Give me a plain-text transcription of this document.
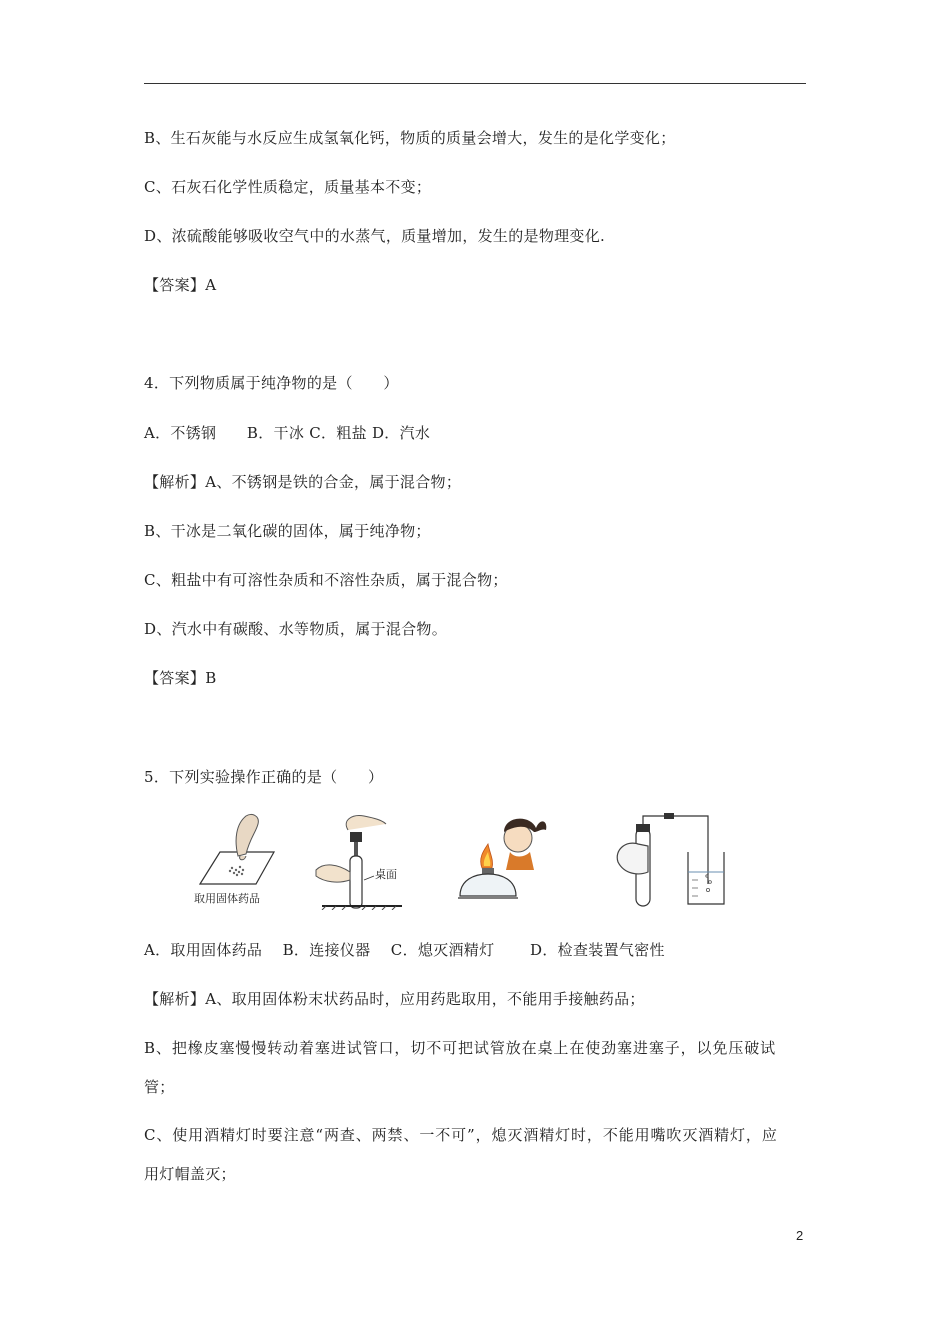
B、生石灰能与水反应生成氢氧化钙，物质的质量会增大，发生的是化学变化；
C、石灰石化学性质稳定，质量基本不变；
D、浓硫酸能够吸收空气中的水蒸气，质量增加，发生的是物理变化.
【答案】A
4．下列物质属于纯净物的是（　　）
A．不锈钢　　B．干冰 C．粗盐 D．汽水
【解析】A、不锈钢是铁的合金，属于混合物；
B、干冰是二氧化碳的固体，属于纯净物；
C、粗盐中有可溶性杂质和不溶性杂质，属于混合物；
D、汽水中有碳酸、水等物质，属于混合物。
【答案】B
5．下列实验操作正确的是（　　）
取用固体药品
桌面
A．取用固体药品　 B．连接仪器　 C．熄灭酒精灯　　 D．检查装置气密性
【解析】A、取用固体粉末状药品时，应用药匙取用，不能用手接触药品；
B、把橡皮塞慢慢转动着塞进试管口，切不可把试管放在桌上在使劲塞进塞子，以免压破试
管；
C、使用酒精灯时要注意“两查、两禁、一不可”，熄灭酒精灯时，不能用嘴吹灭酒精灯，应
用灯帽盖灭；
2
